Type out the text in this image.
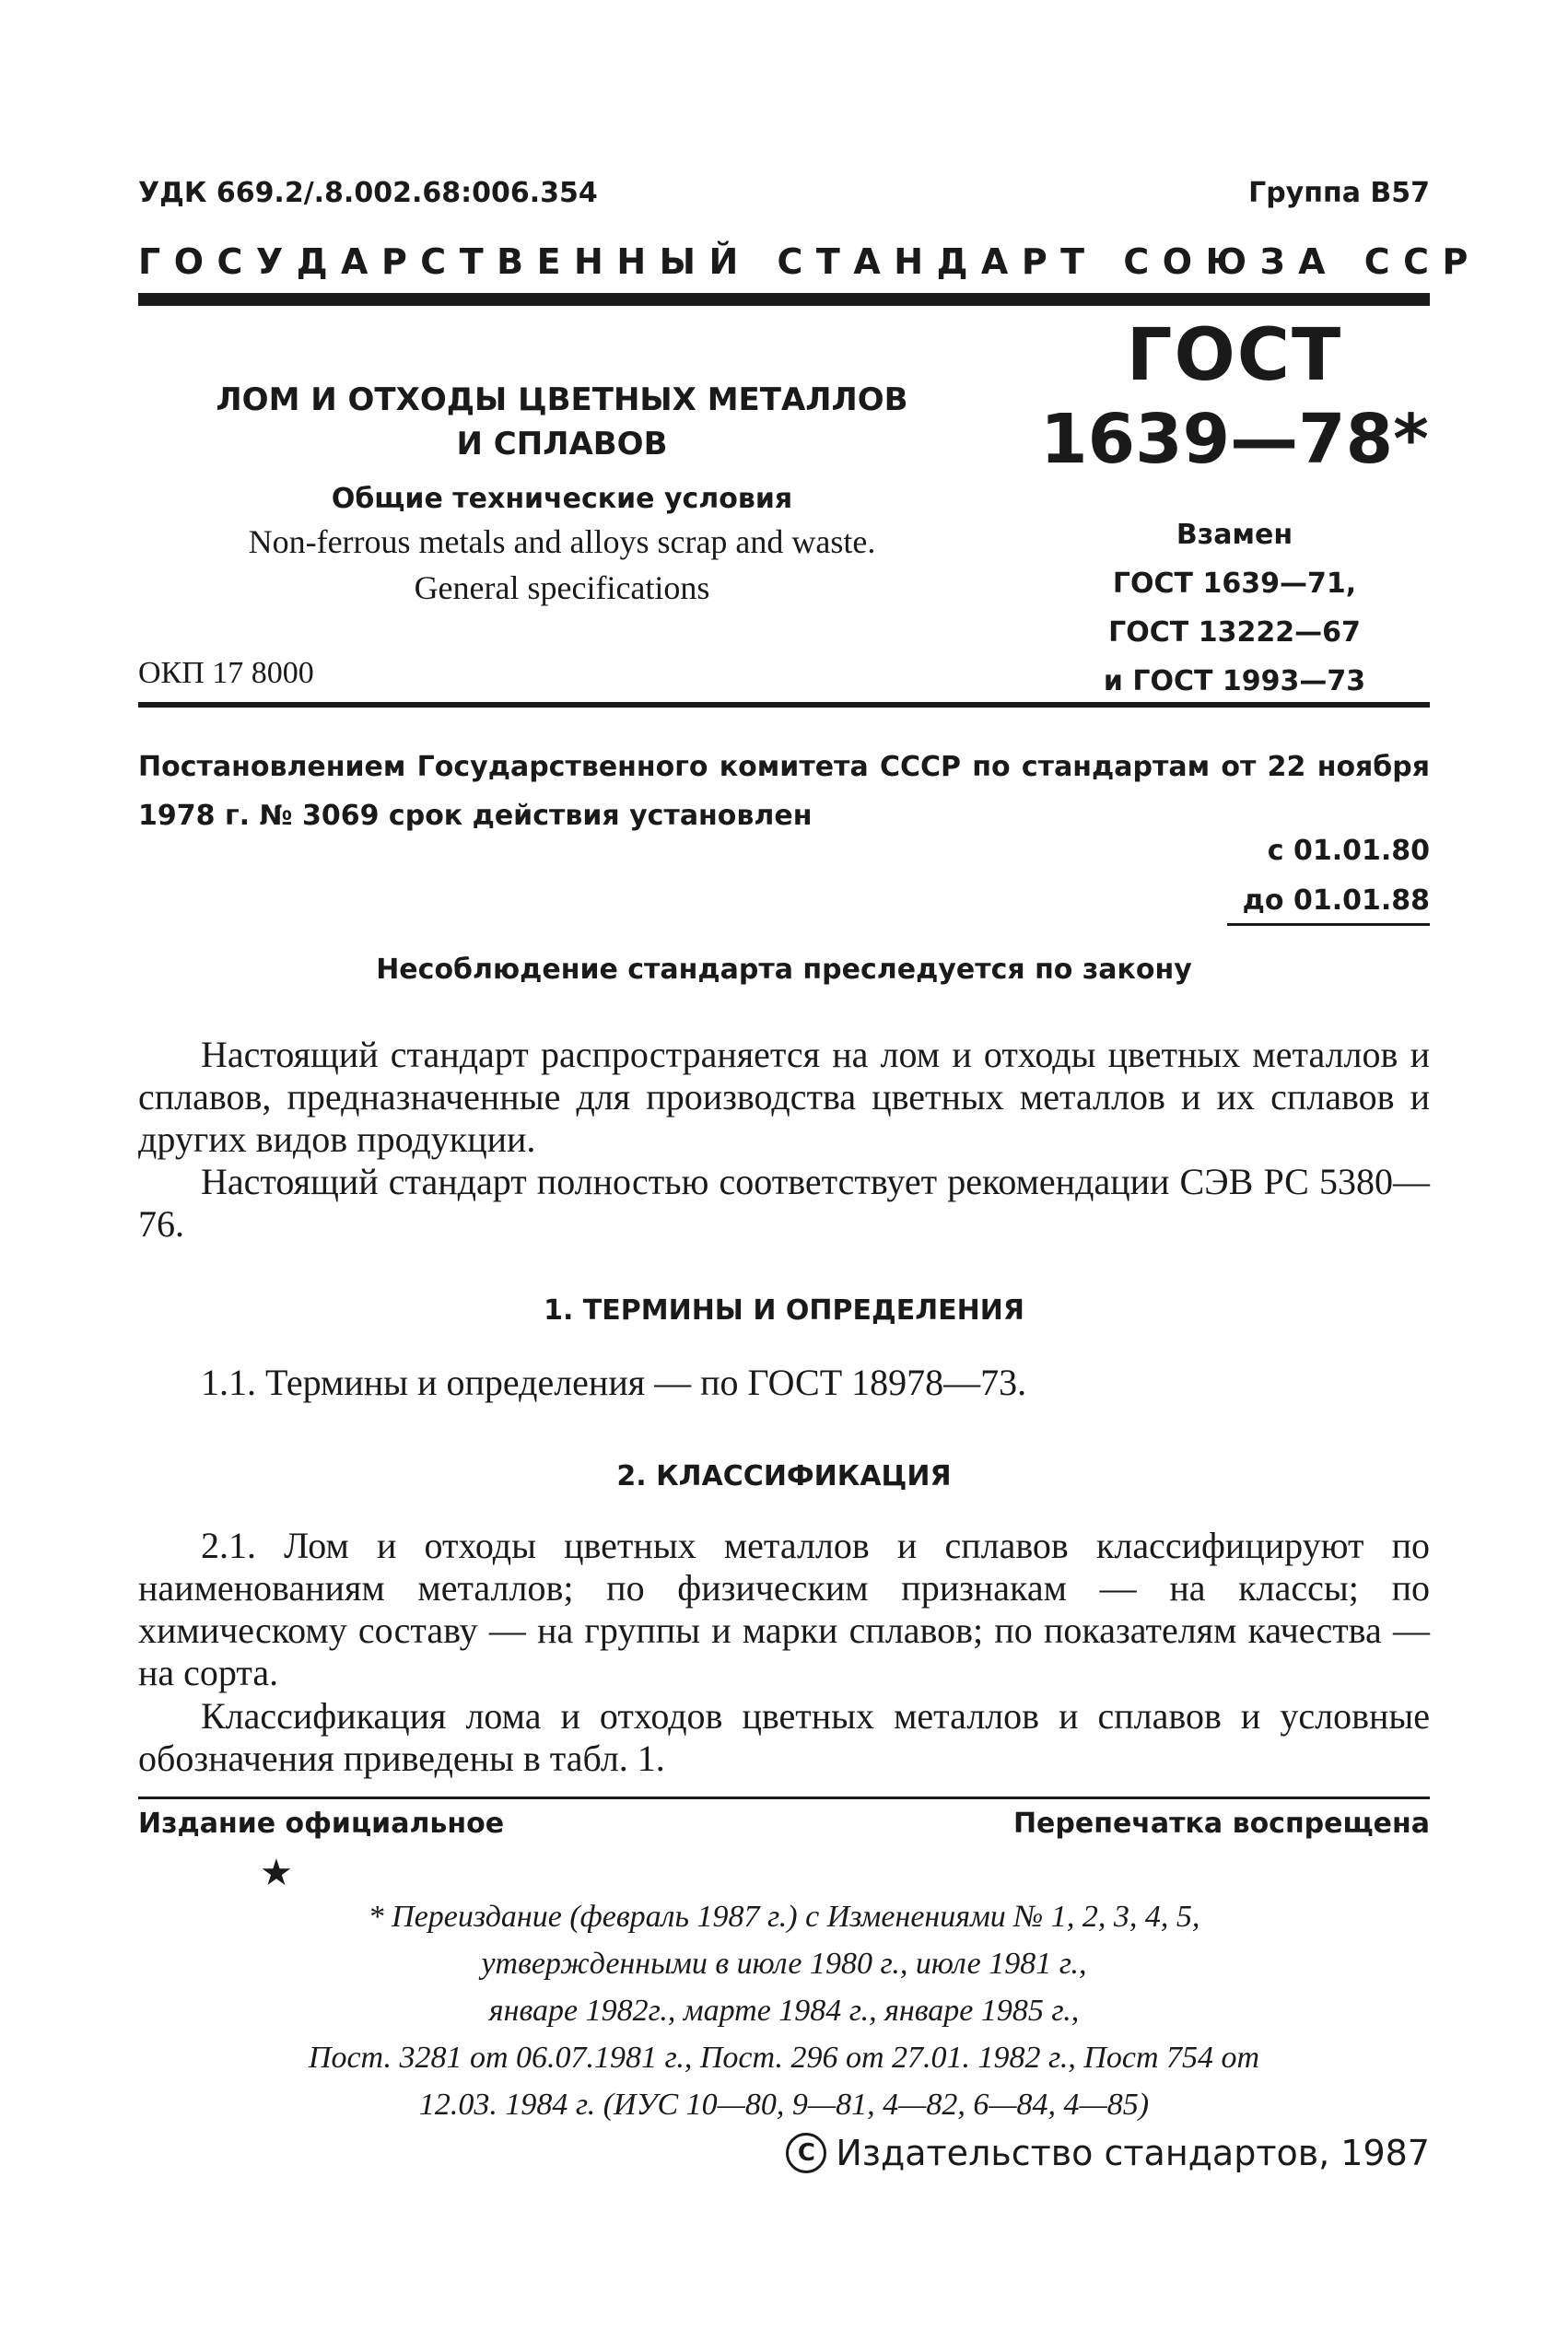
УДК 669.2/.8.002.68:006.354	Группа В57
ГОСУДАРСТВЕННЫЙ СТАНДАРТ СОЮЗА ССР
ЛОМ И ОТХОДЫ ЦВЕТНЫХ МЕТАЛЛОВ
И СПЛАВОВ
Общие технические условия
Non-ferrous metals and alloys scrap and waste.
General specifications
ОКП 17 8000
ГОСТ
1639—78*
Взамен
ГОСТ 1639—71,
ГОСТ 13222—67
и ГОСТ 1993—73
Постановлением Государственного комитета СССР по стандартам от 22 ноября 1978 г. № 3069 срок действия установлен
с 01.01.80
до 01.01.88
Несоблюдение стандарта преследуется по закону
Настоящий стандарт распространяется на лом и отходы цветных металлов и сплавов, предназначенные для производства цветных металлов и их сплавов и других видов продукции.
Настоящий стандарт полностью соответствует рекомендации СЭВ РС 5380—76.
1. ТЕРМИНЫ И ОПРЕДЕЛЕНИЯ
1.1. Термины и определения — по ГОСТ 18978—73.
2. КЛАССИФИКАЦИЯ
2.1. Лом и отходы цветных металлов и сплавов классифицируют по наименованиям металлов; по физическим признакам — на классы; по химическому составу — на группы и марки сплавов; по показателям качества — на сорта.
Классификация лома и отходов цветных металлов и сплавов и условные обозначения приведены в табл. 1.
Издание официальное	Перепечатка воспрещена
★
* Переиздание (февраль 1987 г.) с Изменениями № 1, 2, 3, 4, 5,
утвержденными в июле 1980 г., июле 1981 г.,
январе 1982г., марте 1984 г., январе 1985 г.,
Пост. 3281 от 06.07.1981 г., Пост. 296 от 27.01. 1982 г., Пост 754 от
12.03. 1984 г. (ИУС 10—80, 9—81, 4—82, 6—84, 4—85)
C Издательство стандартов, 1987
